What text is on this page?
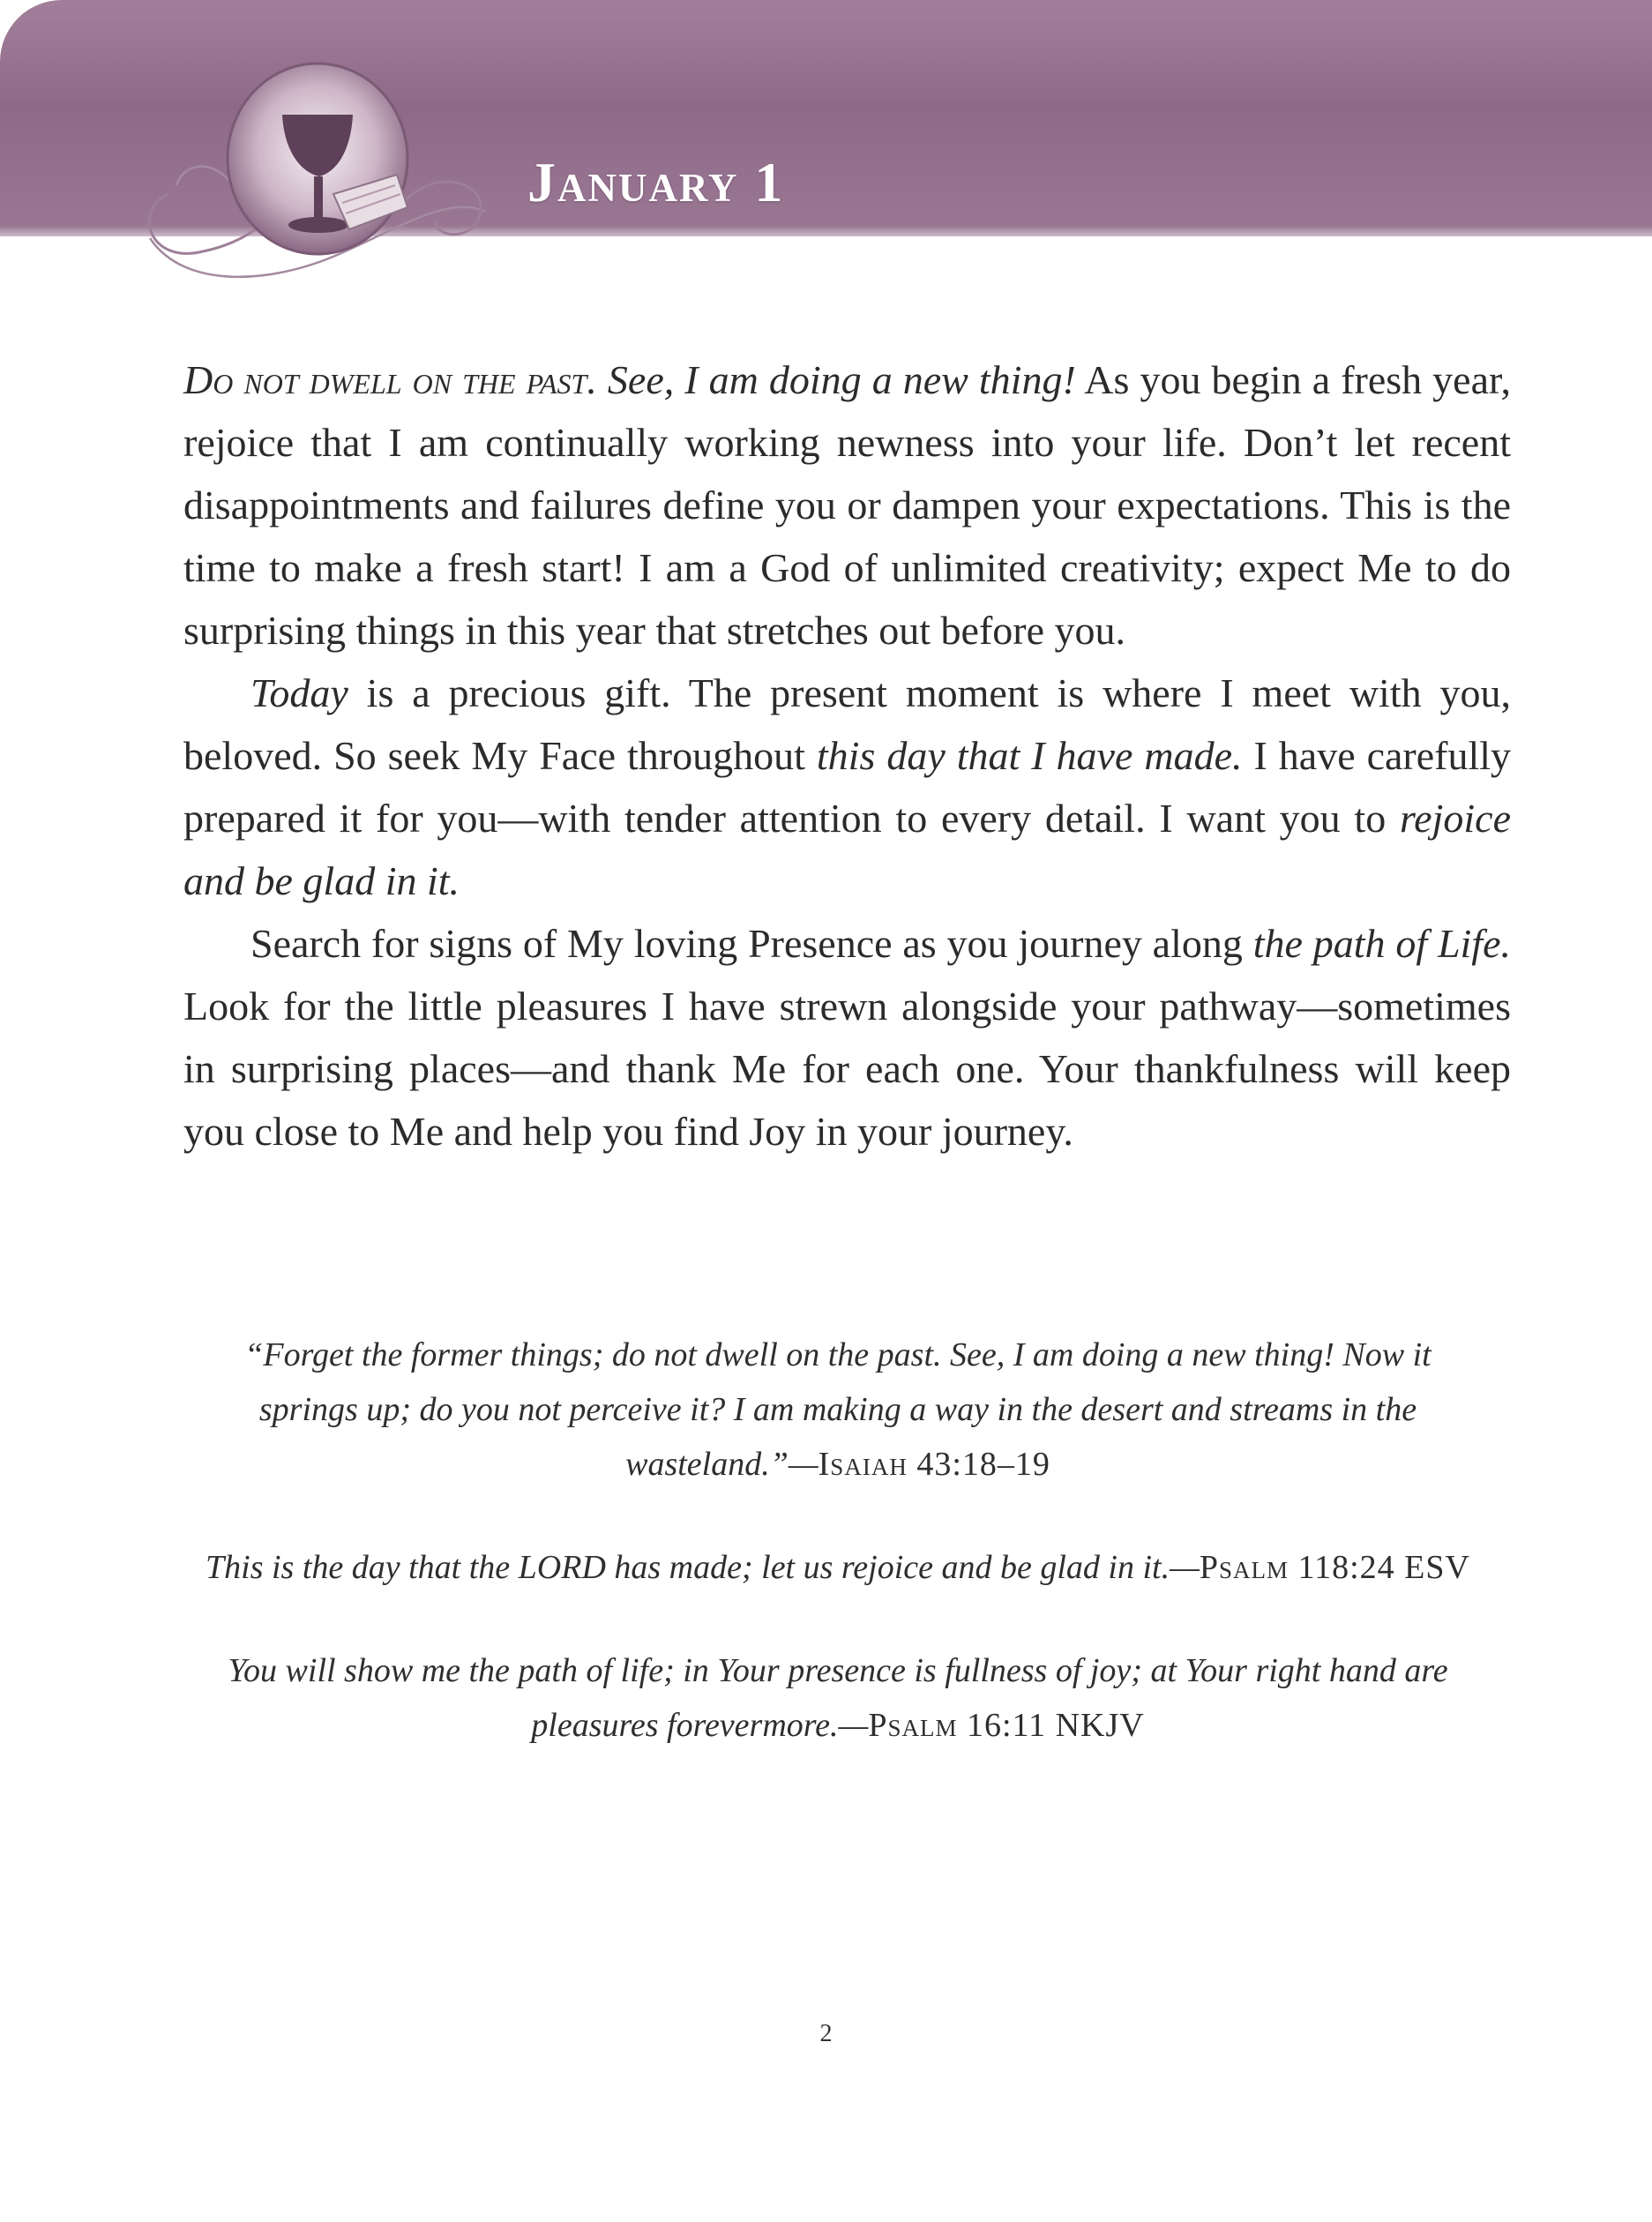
January 1

Do not dwell on the past. See, I am doing a new thing! As you begin a fresh year, rejoice that I am continually working newness into your life. Don’t let recent disappointments and failures define you or dampen your expectations. This is the time to make a fresh start! I am a God of unlimited creativity; expect Me to do surprising things in this year that stretches out before you.

Today is a precious gift. The present moment is where I meet with you, beloved. So seek My Face throughout this day that I have made. I have carefully prepared it for you—with tender attention to every detail. I want you to rejoice and be glad in it.

Search for signs of My loving Presence as you journey along the path of Life. Look for the little pleasures I have strewn alongside your pathway—sometimes in surprising places—and thank Me for each one. Your thankfulness will keep you close to Me and help you find Joy in your journey.

“Forget the former things; do not dwell on the past. See, I am doing a new thing! Now it springs up; do you not perceive it? I am making a way in the desert and streams in the wasteland.”—Isaiah 43:18–19

This is the day that the LORD has made; let us rejoice and be glad in it.—Psalm 118:24 ESV

You will show me the path of life; in Your presence is fullness of joy; at Your right hand are pleasures forevermore.—Psalm 16:11 NKJV

2
